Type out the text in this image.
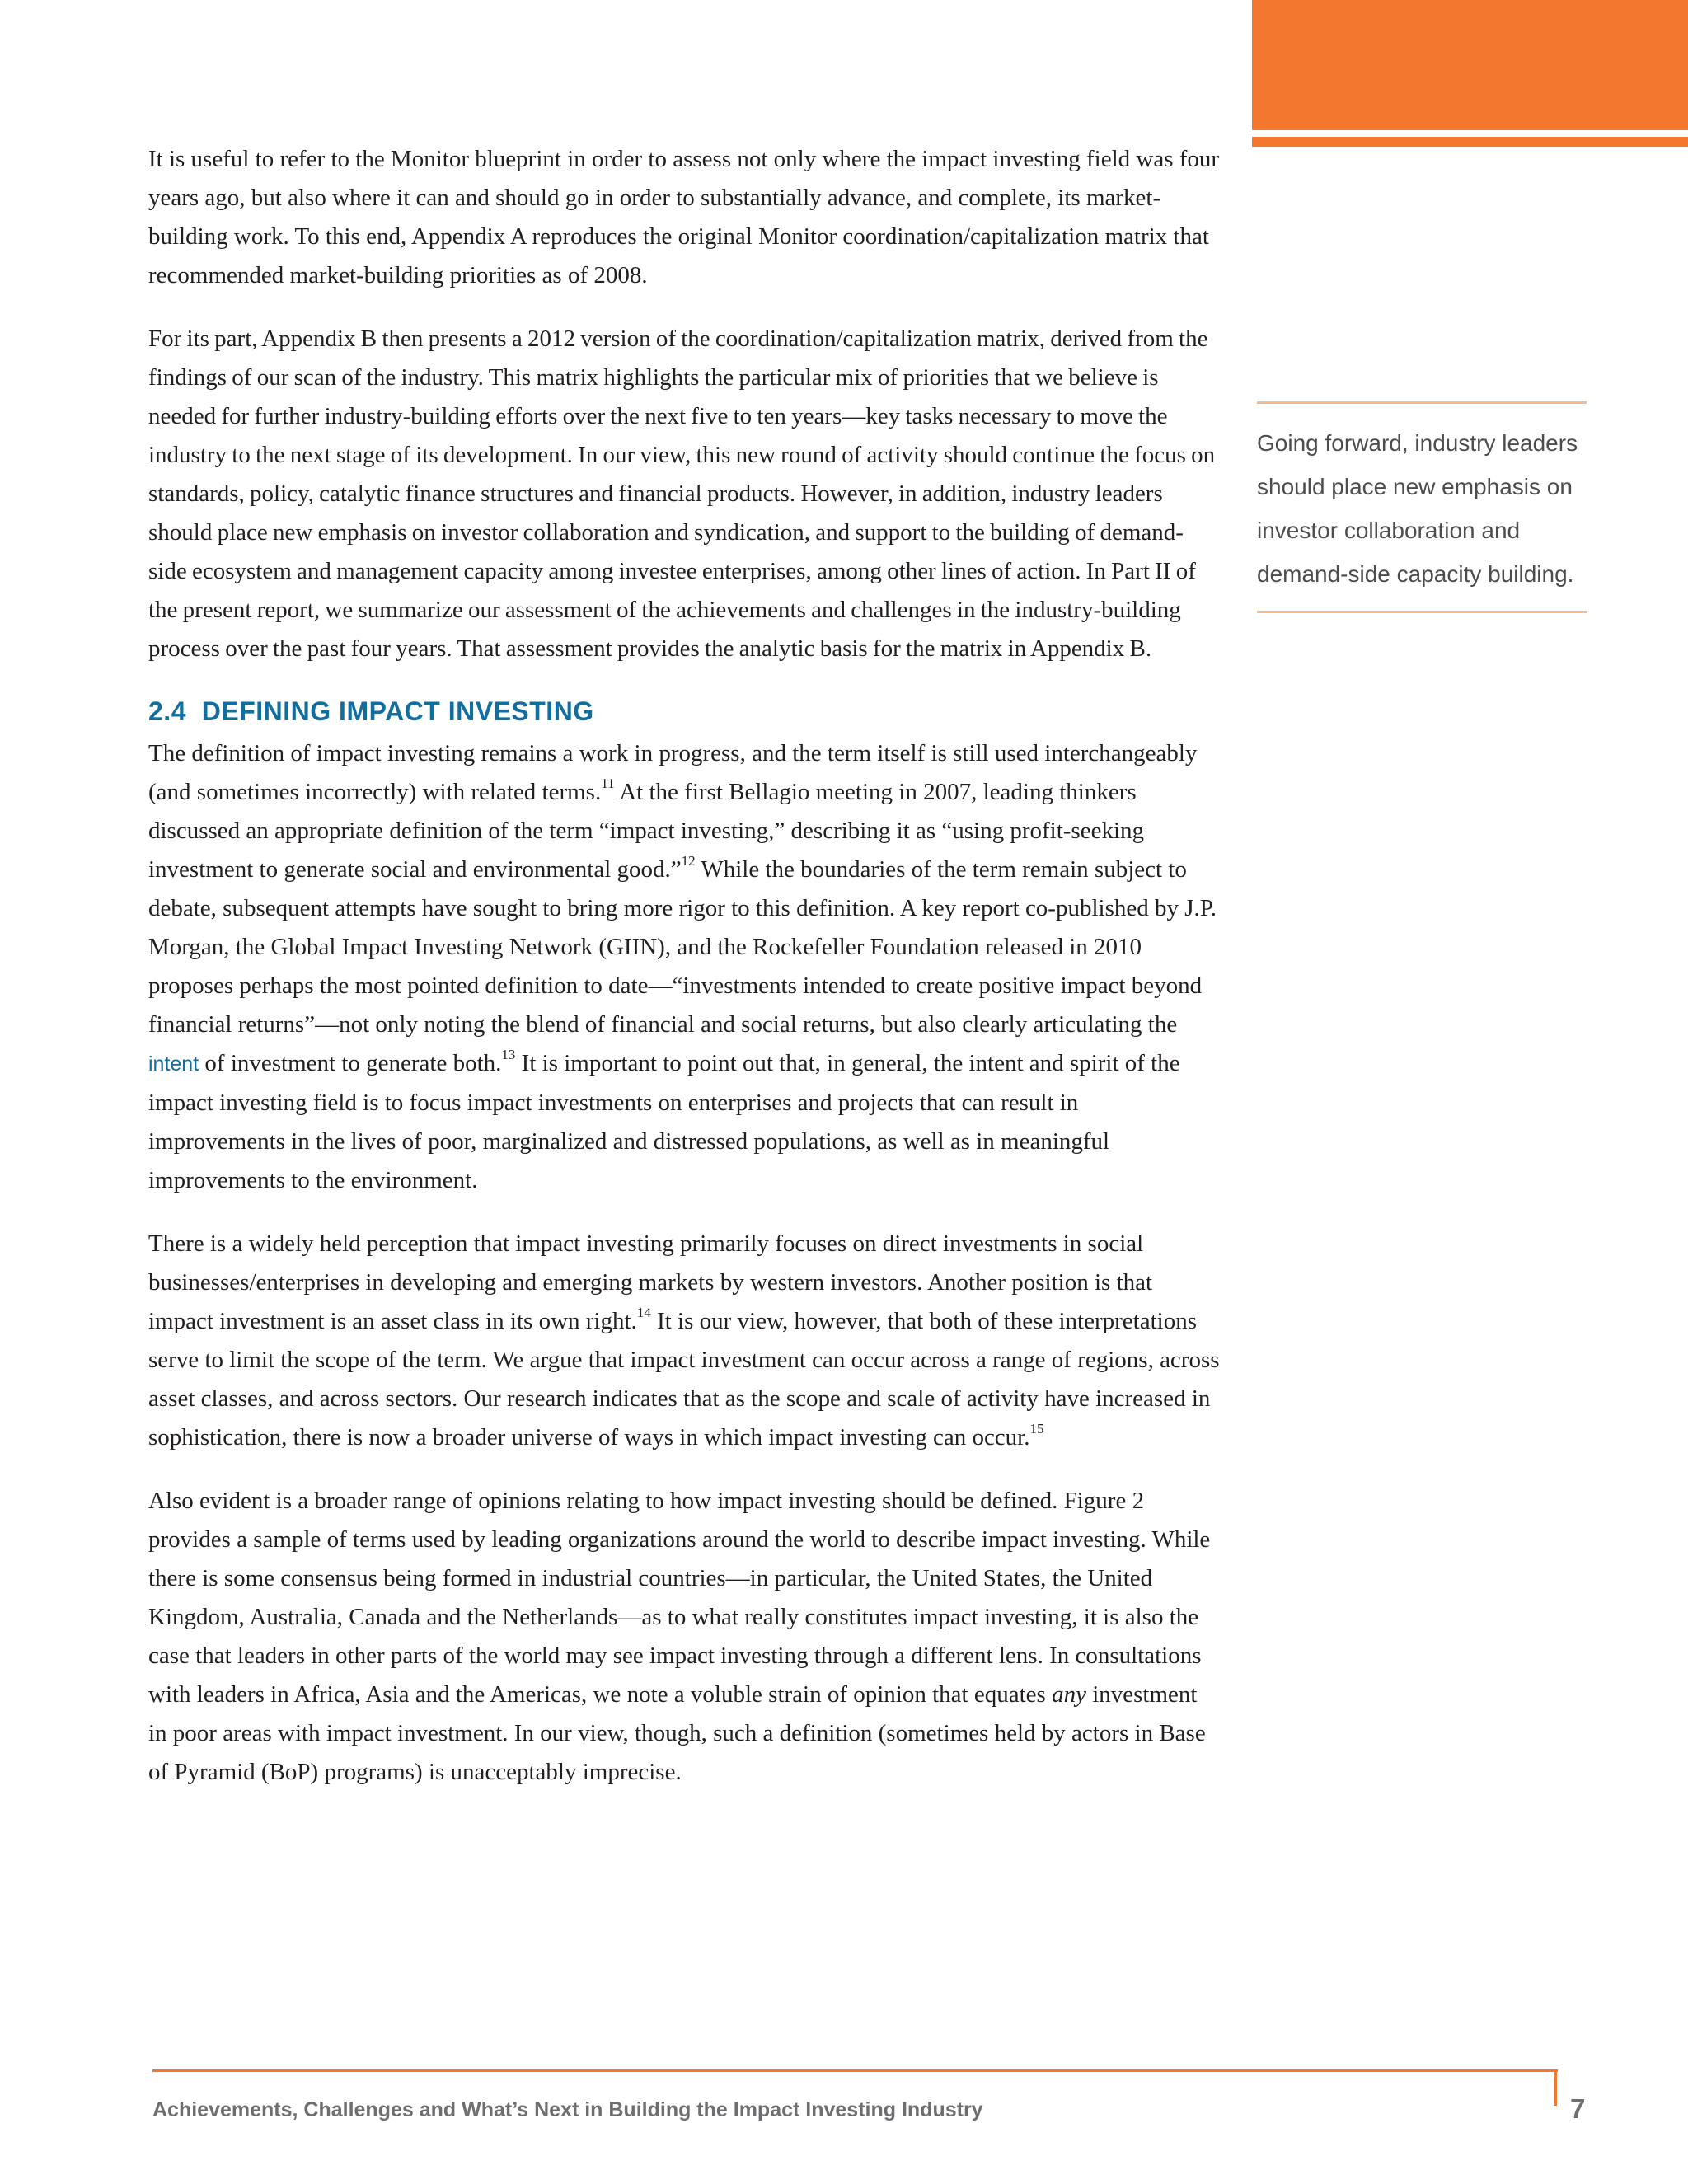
It is useful to refer to the Monitor blueprint in order to assess not only where the impact investing field was four years ago, but also where it can and should go in order to substantially advance, and complete, its market-building work. To this end, Appendix A reproduces the original Monitor coordination/capitalization matrix that recommended market-building priorities as of 2008.

For its part, Appendix B then presents a 2012 version of the coordination/capitalization matrix, derived from the findings of our scan of the industry. This matrix highlights the particular mix of priorities that we believe is needed for further industry-building efforts over the next five to ten years—key tasks necessary to move the industry to the next stage of its development. In our view, this new round of activity should continue the focus on standards, policy, catalytic finance structures and financial products. However, in addition, industry leaders should place new emphasis on investor collaboration and syndication, and support to the building of demand-side ecosystem and management capacity among investee enterprises, among other lines of action. In Part II of the present report, we summarize our assessment of the achievements and challenges in the industry-building process over the past four years. That assessment provides the analytic basis for the matrix in Appendix B.

2.4 DEFINING IMPACT INVESTING

The definition of impact investing remains a work in progress, and the term itself is still used interchangeably (and sometimes incorrectly) with related terms.$^{11}$ At the first Bellagio meeting in 2007, leading thinkers discussed an appropriate definition of the term “impact investing,” describing it as “using profit-seeking investment to generate social and environmental good.”$^{12}$ While the boundaries of the term remain subject to debate, subsequent attempts have sought to bring more rigor to this definition. A key report co-published by J.P. Morgan, the Global Impact Investing Network (GIIN), and the Rockefeller Foundation released in 2010 proposes perhaps the most pointed definition to date—“investments intended to create positive impact beyond financial returns”—not only noting the blend of financial and social returns, but also clearly articulating the intent of investment to generate both.$^{13}$ It is important to point out that, in general, the intent and spirit of the impact investing field is to focus impact investments on enterprises and projects that can result in improvements in the lives of poor, marginalized and distressed populations, as well as in meaningful improvements to the environment.

There is a widely held perception that impact investing primarily focuses on direct investments in social businesses/enterprises in developing and emerging markets by western investors. Another position is that impact investment is an asset class in its own right.$^{14}$ It is our view, however, that both of these interpretations serve to limit the scope of the term. We argue that impact investment can occur across a range of regions, across asset classes, and across sectors. Our research indicates that as the scope and scale of activity have increased in sophistication, there is now a broader universe of ways in which impact investing can occur.$^{15}$

Also evident is a broader range of opinions relating to how impact investing should be defined. Figure 2 provides a sample of terms used by leading organizations around the world to describe impact investing. While there is some consensus being formed in industrial countries—in particular, the United States, the United Kingdom, Australia, Canada and the Netherlands—as to what really constitutes impact investing, it is also the case that leaders in other parts of the world may see impact investing through a different lens. In consultations with leaders in Africa, Asia and the Americas, we note a voluble strain of opinion that equates any investment in poor areas with impact investment. In our view, though, such a definition (sometimes held by actors in Base of Pyramid (BoP) programs) is unacceptably imprecise.

Going forward, industry leaders should place new emphasis on investor collaboration and demand-side capacity building.
Achievements, Challenges and What’s Next in Building the Impact Investing Industry	7
